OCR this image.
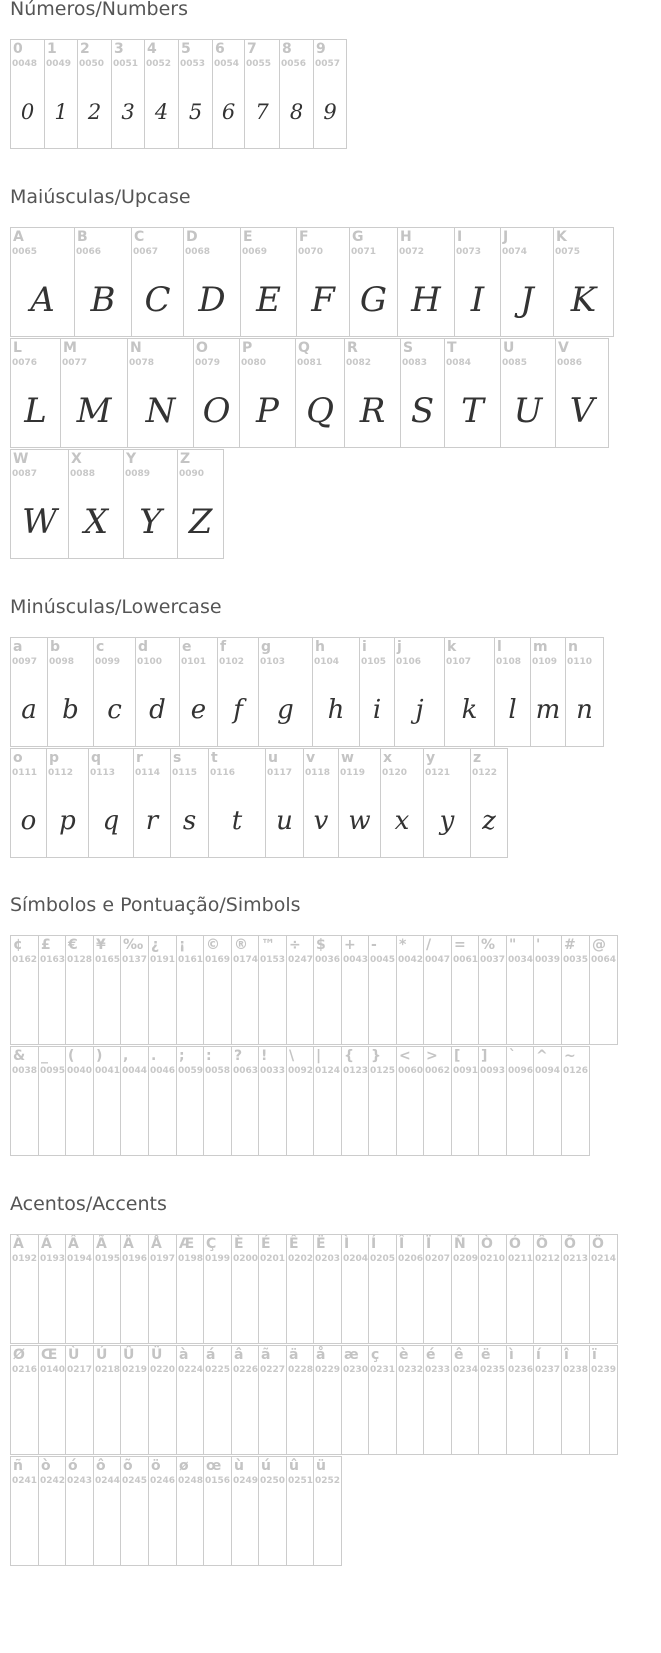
Números/Numbers
Maiúsculas/Upcase
Minúsculas/Lowercase
Símbolos e Pontuação/Simbols
Acentos/Accents
0
0048
0
1
0049
1
2
0050
2
3
0051
3
4
0052
4
5
0053
5
6
0054
6
7
0055
7
8
0056
8
9
0057
9
A
0065
A
B
0066
B
C
0067
C
D
0068
D
E
0069
E
F
0070
F
G
0071
G
H
0072
H
I
0073
I
J
0074
J
K
0075
K
L
0076
L
M
0077
M
N
0078
N
O
0079
O
P
0080
P
Q
0081
Q
R
0082
R
S
0083
S
T
0084
T
U
0085
U
V
0086
V
W
0087
W
X
0088
X
Y
0089
Y
Z
0090
Z
a
0097
a
b
0098
b
c
0099
c
d
0100
d
e
0101
e
f
0102
f
g
0103
g
h
0104
h
i
0105
i
j
0106
j
k
0107
k
l
0108
l
m
0109
m
n
0110
n
o
0111
o
p
0112
p
q
0113
q
r
0114
r
s
0115
s
t
0116
t
u
0117
u
v
0118
v
w
0119
w
x
0120
x
y
0121
y
z
0122
z
¢
0162
£
0163
€
0128
¥
0165
‰
0137
¿
0191
¡
0161
©
0169
®
0174
™
0153
÷
0247
$
0036
+
0043
-
0045
*
0042
/
0047
=
0061
%
0037
"
0034
'
0039
#
0035
@
0064
&
0038
_
0095
(
0040
)
0041
,
0044
.
0046
;
0059
:
0058
?
0063
!
0033
\
0092
|
0124
{
0123
}
0125
<
0060
>
0062
[
0091
]
0093
`
0096
^
0094
~
0126
À
0192
Á
0193
Â
0194
Ã
0195
Ä
0196
Å
0197
Æ
0198
Ç
0199
È
0200
É
0201
Ê
0202
Ë
0203
Ì
0204
Í
0205
Î
0206
Ï
0207
Ñ
0209
Ò
0210
Ó
0211
Ô
0212
Õ
0213
Ö
0214
Ø
0216
Œ
0140
Ù
0217
Ú
0218
Û
0219
Ü
0220
à
0224
á
0225
â
0226
ã
0227
ä
0228
å
0229
æ
0230
ç
0231
è
0232
é
0233
ê
0234
ë
0235
ì
0236
í
0237
î
0238
ï
0239
ñ
0241
ò
0242
ó
0243
ô
0244
õ
0245
ö
0246
ø
0248
œ
0156
ù
0249
ú
0250
û
0251
ü
0252
